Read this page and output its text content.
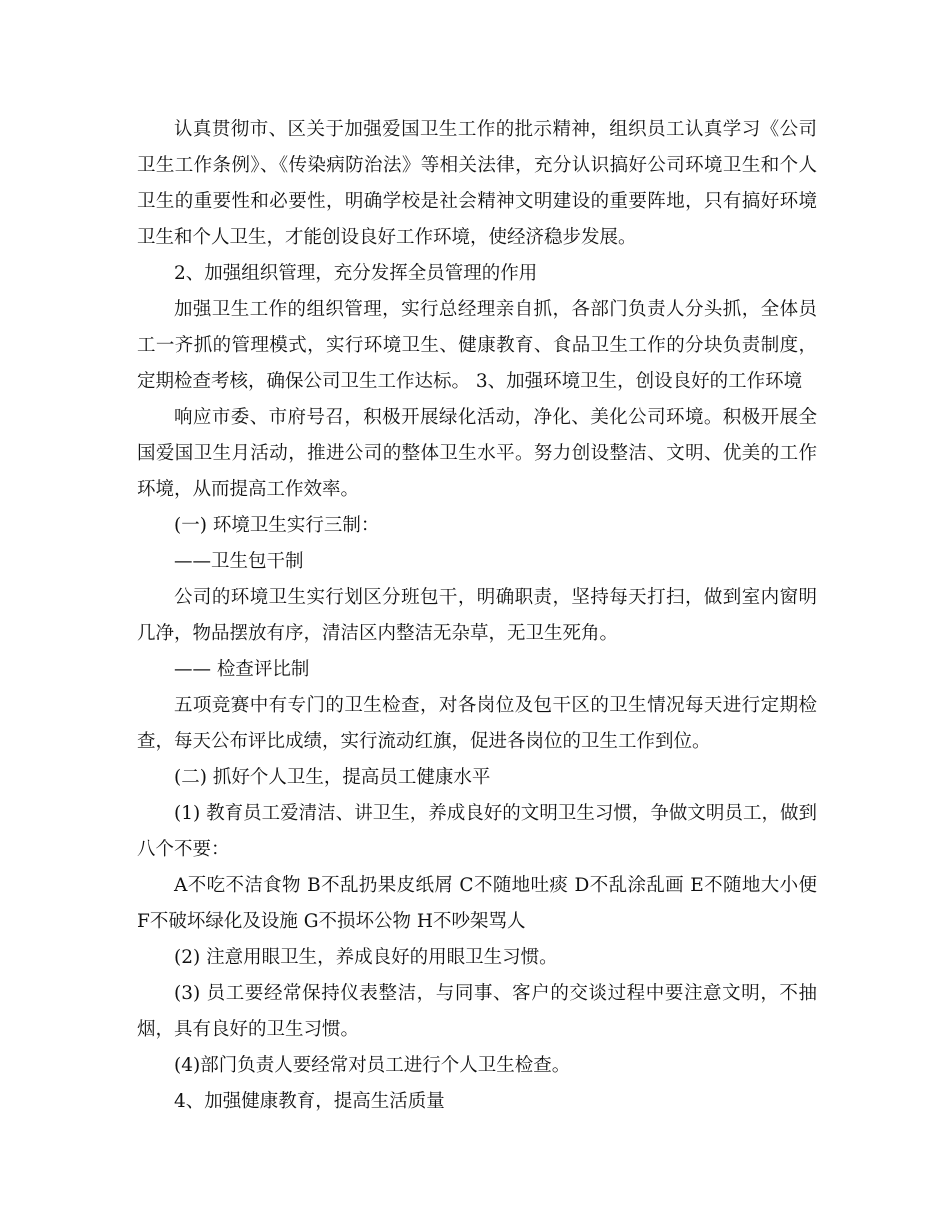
认真贯彻市、区关于加强爱国卫生工作的批示精神，组织员工认真学习《公司卫生工作条例》、《传染病防治法》等相关法律，充分认识搞好公司环境卫生和个人卫生的重要性和必要性，明确学校是社会精神文明建设的重要阵地，只有搞好环境卫生和个人卫生，才能创设良好工作环境，使经济稳步发展。

2、加强组织管理，充分发挥全员管理的作用

加强卫生工作的组织管理，实行总经理亲自抓，各部门负责人分头抓，全体员工一齐抓的管理模式，实行环境卫生、健康教育、食品卫生工作的分块负责制度，定期检查考核，确保公司卫生工作达标。 3、加强环境卫生，创设良好的工作环境

响应市委、市府号召，积极开展绿化活动，净化、美化公司环境。积极开展全国爱国卫生月活动，推进公司的整体卫生水平。努力创设整洁、文明、优美的工作环境，从而提高工作效率。

(一) 环境卫生实行三制：

——卫生包干制

公司的环境卫生实行划区分班包干，明确职责，坚持每天打扫，做到室内窗明几净，物品摆放有序，清洁区内整洁无杂草，无卫生死角。

—— 检查评比制

五项竞赛中有专门的卫生检查，对各岗位及包干区的卫生情况每天进行定期检查，每天公布评比成绩，实行流动红旗，促进各岗位的卫生工作到位。

(二) 抓好个人卫生，提高员工健康水平

(1) 教育员工爱清洁、讲卫生，养成良好的文明卫生习惯，争做文明员工，做到八个不要：

A不吃不洁食物 B不乱扔果皮纸屑 C不随地吐痰 D不乱涂乱画 E不随地大小便 F不破坏绿化及设施 G不损坏公物 H不吵架骂人

(2) 注意用眼卫生，养成良好的用眼卫生习惯。

(3) 员工要经常保持仪表整洁，与同事、客户的交谈过程中要注意文明，不抽烟，具有良好的卫生习惯。

(4)部门负责人要经常对员工进行个人卫生检查。

4、加强健康教育，提高生活质量
